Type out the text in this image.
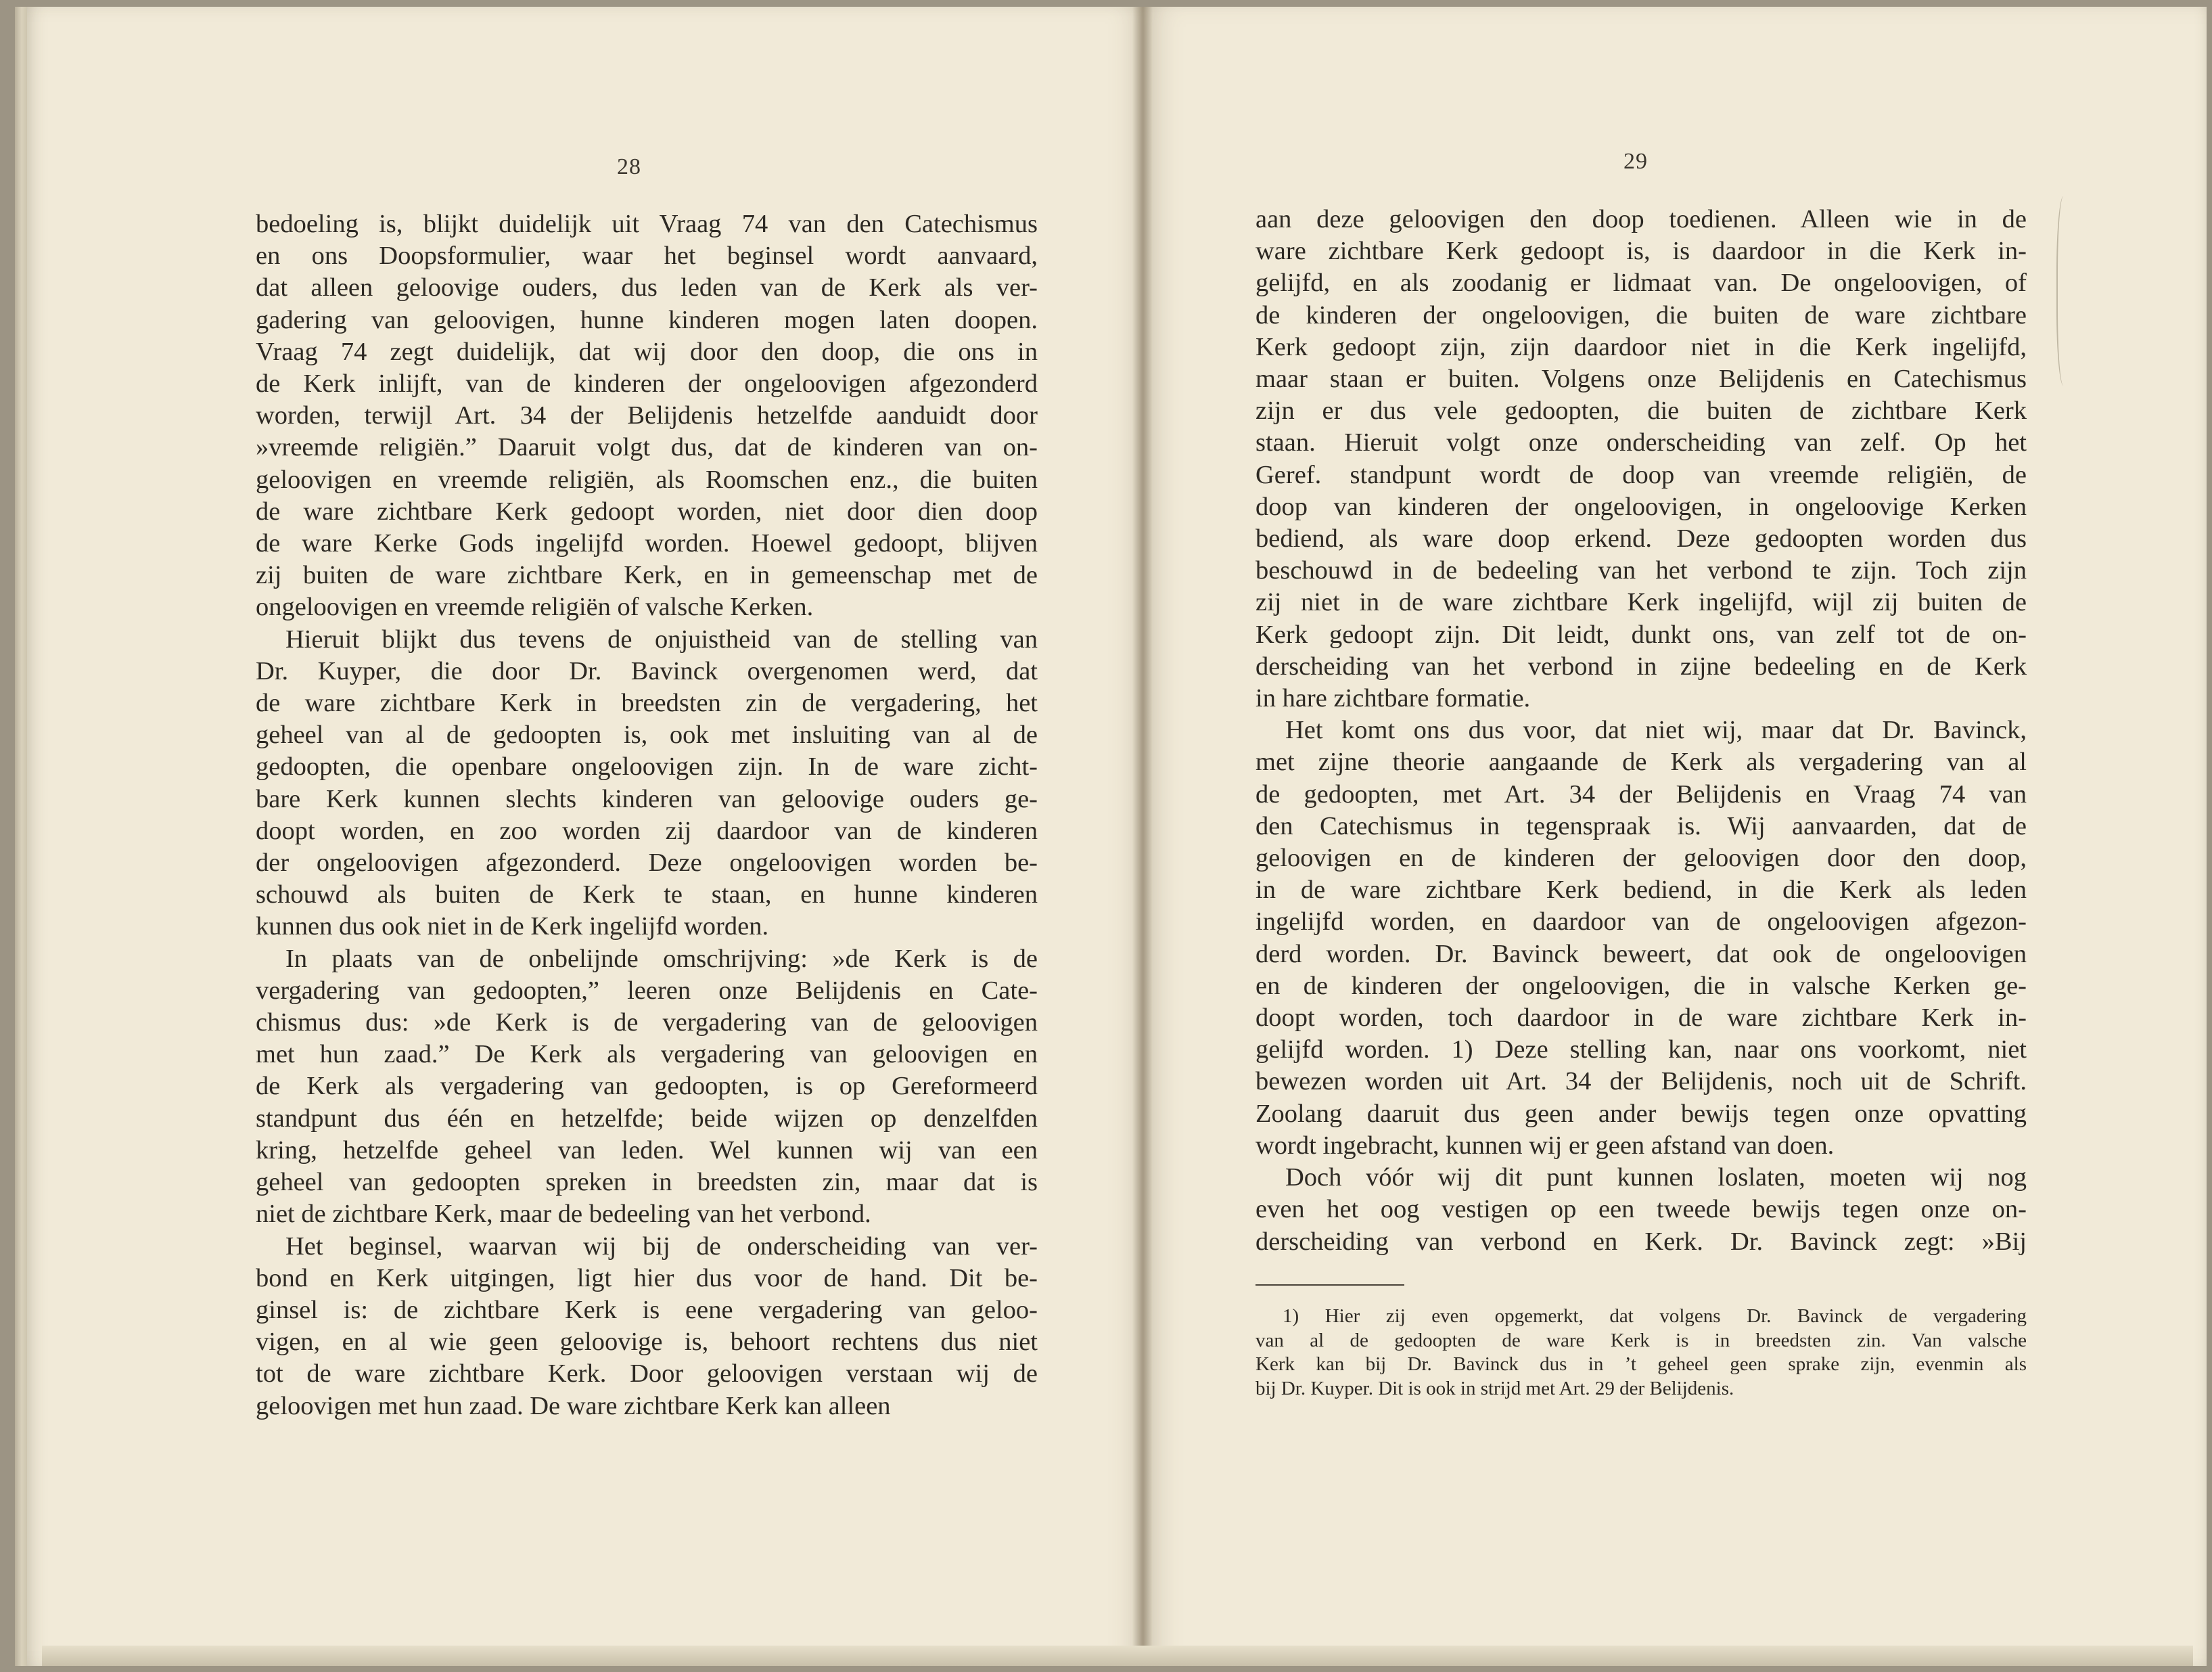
28
bedoeling is, blijkt duidelijk uit Vraag 74 van den Catechismus
en ons Doopsformulier, waar het beginsel wordt aanvaard,
dat alleen geloovige ouders, dus leden van de Kerk als ver-
gadering van geloovigen, hunne kinderen mogen laten doopen.
Vraag 74 zegt duidelijk, dat wij door den doop, die ons in
de Kerk inlijft, van de kinderen der ongeloovigen afgezonderd
worden, terwijl Art. 34 der Belijdenis hetzelfde aanduidt door
»vreemde religiën.” Daaruit volgt dus, dat de kinderen van on-
geloovigen en vreemde religiën, als Roomschen enz., die buiten
de ware zichtbare Kerk gedoopt worden, niet door dien doop
de ware Kerke Gods ingelijfd worden. Hoewel gedoopt, blijven
zij buiten de ware zichtbare Kerk, en in gemeenschap met de
ongeloovigen en vreemde religiën of valsche Kerken.
Hieruit blijkt dus tevens de onjuistheid van de stelling van
Dr. Kuyper, die door Dr. Bavinck overgenomen werd, dat
de ware zichtbare Kerk in breedsten zin de vergadering, het
geheel van al de gedoopten is, ook met insluiting van al de
gedoopten, die openbare ongeloovigen zijn. In de ware zicht-
bare Kerk kunnen slechts kinderen van geloovige ouders ge-
doopt worden, en zoo worden zij daardoor van de kinderen
der ongeloovigen afgezonderd. Deze ongeloovigen worden be-
schouwd als buiten de Kerk te staan, en hunne kinderen
kunnen dus ook niet in de Kerk ingelijfd worden.
In plaats van de onbelijnde omschrijving: »de Kerk is de
vergadering van gedoopten,” leeren onze Belijdenis en Cate-
chismus dus: »de Kerk is de vergadering van de geloovigen
met hun zaad.” De Kerk als vergadering van geloovigen en
de Kerk als vergadering van gedoopten, is op Gereformeerd
standpunt dus één en hetzelfde; beide wijzen op denzelfden
kring, hetzelfde geheel van leden. Wel kunnen wij van een
geheel van gedoopten spreken in breedsten zin, maar dat is
niet de zichtbare Kerk, maar de bedeeling van het verbond.
Het beginsel, waarvan wij bij de onderscheiding van ver-
bond en Kerk uitgingen, ligt hier dus voor de hand. Dit be-
ginsel is: de zichtbare Kerk is eene vergadering van geloo-
vigen, en al wie geen geloovige is, behoort rechtens dus niet
tot de ware zichtbare Kerk. Door geloovigen verstaan wij de
geloovigen met hun zaad. De ware zichtbare Kerk kan alleen
29
aan deze geloovigen den doop toedienen. Alleen wie in de
ware zichtbare Kerk gedoopt is, is daardoor in die Kerk in-
gelijfd, en als zoodanig er lidmaat van. De ongeloovigen, of
de kinderen der ongeloovigen, die buiten de ware zichtbare
Kerk gedoopt zijn, zijn daardoor niet in die Kerk ingelijfd,
maar staan er buiten. Volgens onze Belijdenis en Catechismus
zijn er dus vele gedoopten, die buiten de zichtbare Kerk
staan. Hieruit volgt onze onderscheiding van zelf. Op het
Geref. standpunt wordt de doop van vreemde religiën, de
doop van kinderen der ongeloovigen, in ongeloovige Kerken
bediend, als ware doop erkend. Deze gedoopten worden dus
beschouwd in de bedeeling van het verbond te zijn. Toch zijn
zij niet in de ware zichtbare Kerk ingelijfd, wijl zij buiten de
Kerk gedoopt zijn. Dit leidt, dunkt ons, van zelf tot de on-
derscheiding van het verbond in zijne bedeeling en de Kerk
in hare zichtbare formatie.
Het komt ons dus voor, dat niet wij, maar dat Dr. Bavinck,
met zijne theorie aangaande de Kerk als vergadering van al
de gedoopten, met Art. 34 der Belijdenis en Vraag 74 van
den Catechismus in tegenspraak is. Wij aanvaarden, dat de
geloovigen en de kinderen der geloovigen door den doop,
in de ware zichtbare Kerk bediend, in die Kerk als leden
ingelijfd worden, en daardoor van de ongeloovigen afgezon-
derd worden. Dr. Bavinck beweert, dat ook de ongeloovigen
en de kinderen der ongeloovigen, die in valsche Kerken ge-
doopt worden, toch daardoor in de ware zichtbare Kerk in-
gelijfd worden. 1) Deze stelling kan, naar ons voorkomt, niet
bewezen worden uit Art. 34 der Belijdenis, noch uit de Schrift.
Zoolang daaruit dus geen ander bewijs tegen onze opvatting
wordt ingebracht, kunnen wij er geen afstand van doen.
Doch vóór wij dit punt kunnen loslaten, moeten wij nog
even het oog vestigen op een tweede bewijs tegen onze on-
derscheiding van verbond en Kerk. Dr. Bavinck zegt: »Bij
1) Hier zij even opgemerkt, dat volgens Dr. Bavinck de vergadering
van al de gedoopten de ware Kerk is in breedsten zin. Van valsche
Kerk kan bij Dr. Bavinck dus in ’t geheel geen sprake zijn, evenmin als
bij Dr. Kuyper. Dit is ook in strijd met Art. 29 der Belijdenis.
